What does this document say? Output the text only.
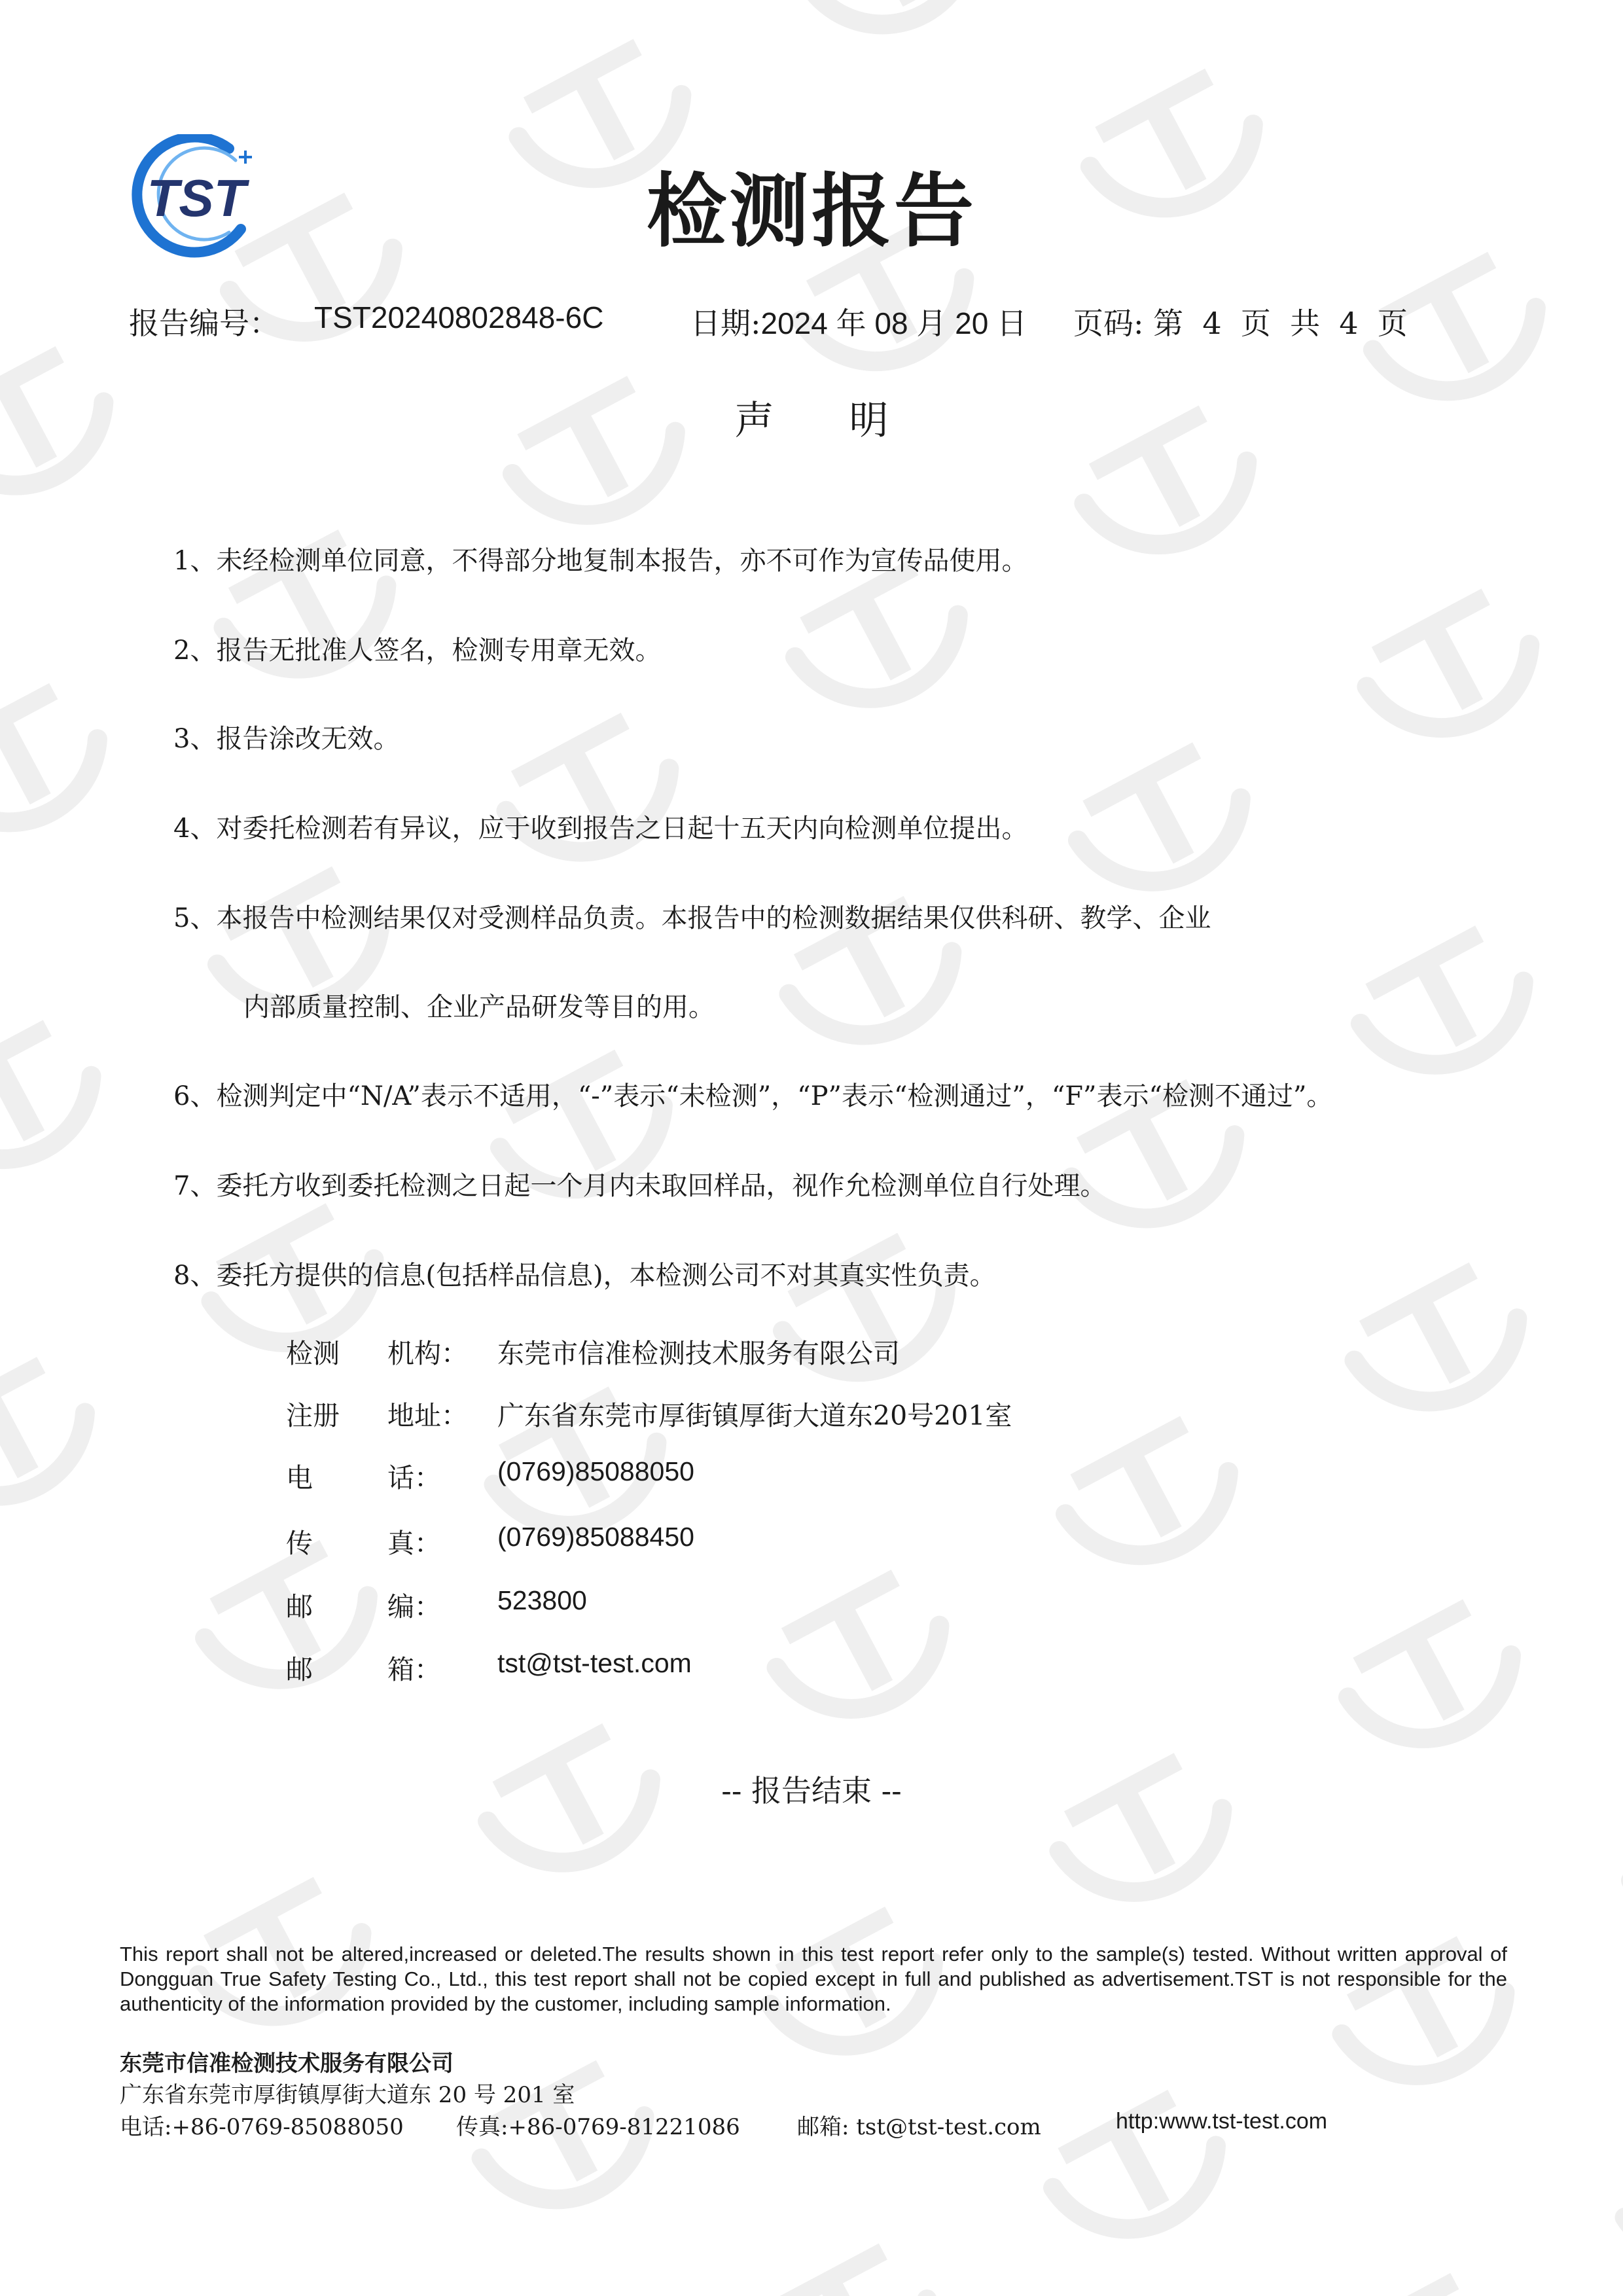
TST	检测报告
报告编号： TST20240802848-6C	日期:2024 年 08 月 20 日 页码: 第  4  页  共  4  页
声 明
1、未经检测单位同意，不得部分地复制本报告，亦不可作为宣传品使用。
2、报告无批准人签名，检测专用章无效。
3、报告涂改无效。
4、对委托检测若有异议，应于收到报告之日起十五天内向检测单位提出。
5、本报告中检测结果仅对受测样品负责。本报告中的检测数据结果仅供科研、教学、企业
内部质量控制、企业产品研发等目的用。
6、检测判定中“N/A”表示不适用，“-”表示“未检测”，“P”表示“检测通过”，“F”表示“检测不通过”。
7、委托方收到委托检测之日起一个月内未取回样品，视作允检测单位自行处理。
8、委托方提供的信息(包括样品信息)，本检测公司不对其真实性负责。
检测 机构： 东莞市信准检测技术服务有限公司
注册 地址： 广东省东莞市厚街镇厚街大道东20号201室
电	话： (0769)85088050
传	真： (0769)85088450
邮	编： 523800
邮	箱： tst@tst-test.com
-- 报告结束 --
This report shall not be altered,increased or deleted.The results shown in this test report refer only to the sample(s) tested. Without written approval of Dongguan True Safety Testing Co., Ltd., this test report shall not be copied except in full and published as advertisement.TST is not responsible for the authenticity of the information provided by the customer, including sample information.
东莞市信准检测技术服务有限公司
广东省东莞市厚街镇厚街大道东 20 号 201 室
电话:+86-0769-85088050 传真:+86-0769-81221086	邮箱: tst@tst-test.com	http:www.tst-test.com
